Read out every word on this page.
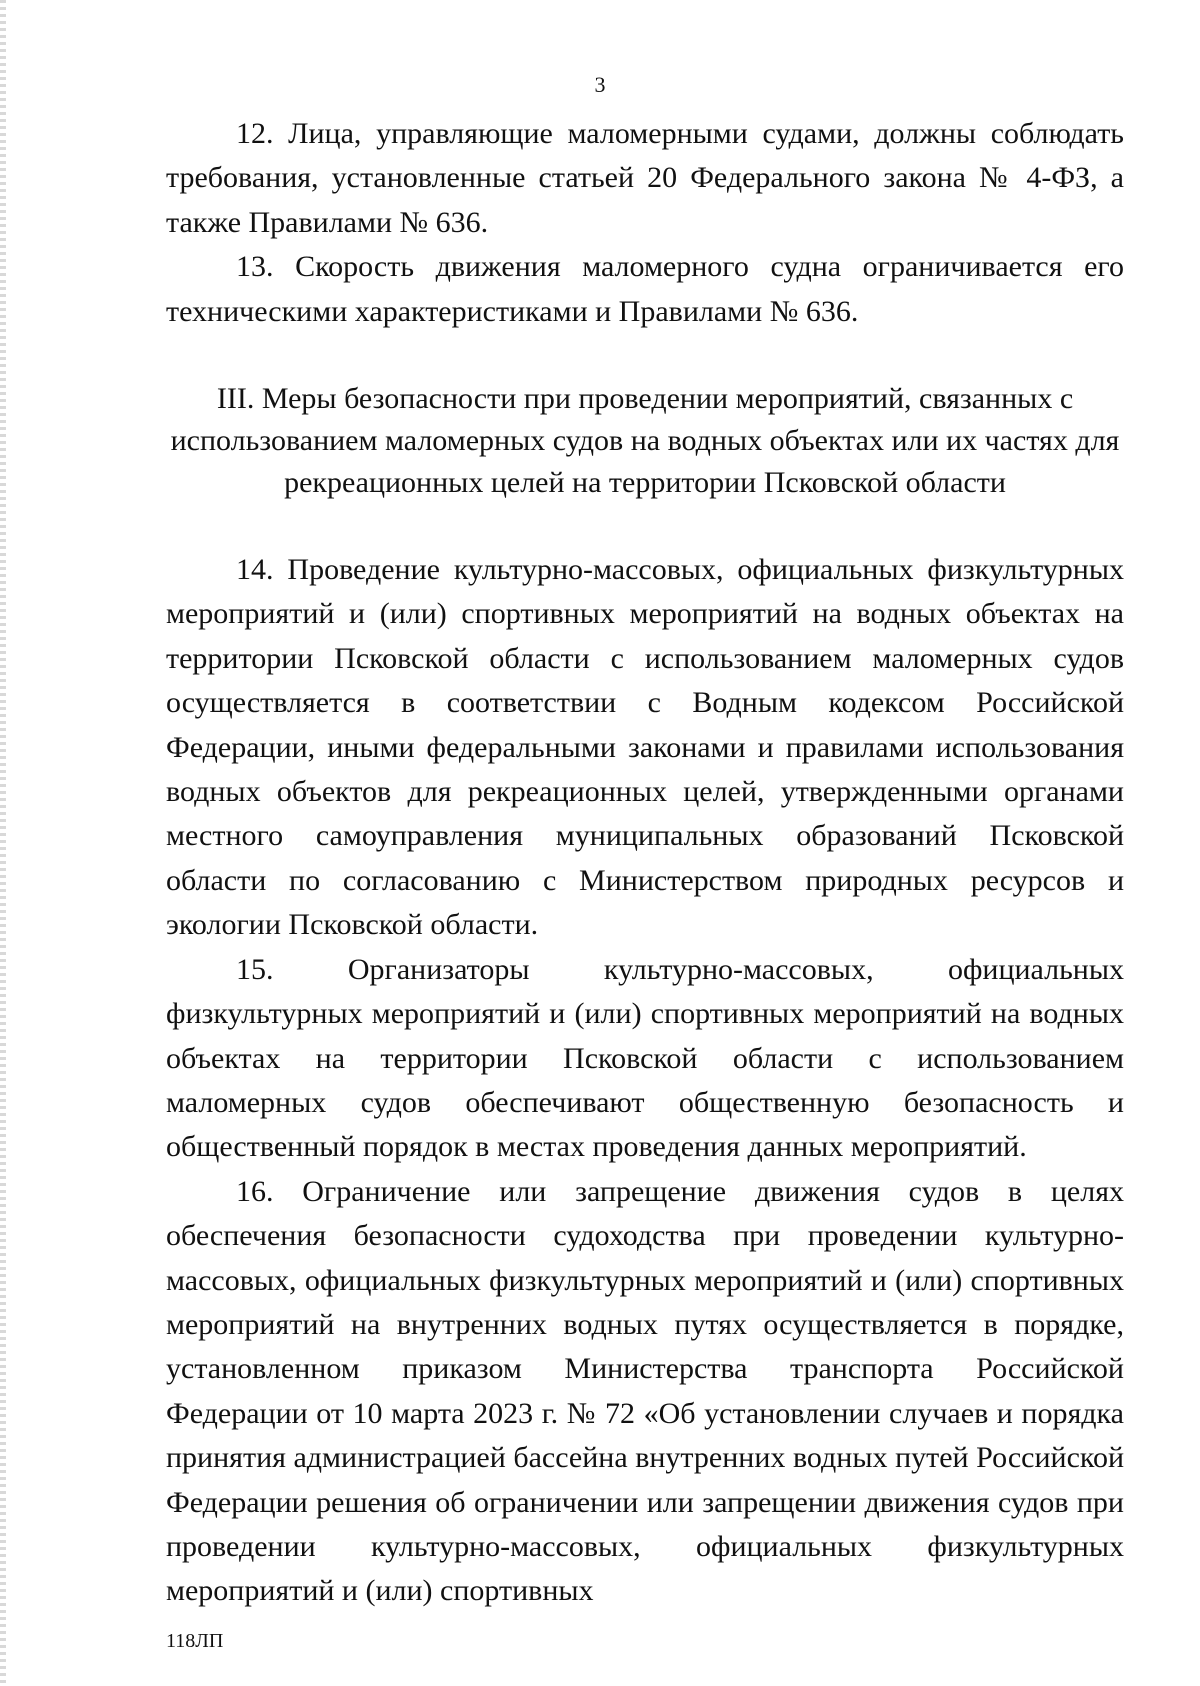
3

12. Лица, управляющие маломерными судами, должны соблюдать требования, установленные статьей 20 Федерального закона № 4-ФЗ, а также Правилами № 636.

13. Скорость движения маломерного судна ограничивается его техническими характеристиками и Правилами № 636.

III. Меры безопасности при проведении мероприятий, связанных с использованием маломерных судов на водных объектах или их частях для рекреационных целей на территории Псковской области

14. Проведение культурно-массовых, официальных физкультурных мероприятий и (или) спортивных мероприятий на водных объектах на территории Псковской области с использованием маломерных судов осуществляется в соответствии с Водным кодексом Российской Федерации, иными федеральными законами и правилами использования водных объектов для рекреационных целей, утвержденными органами местного самоуправления муниципальных образований Псковской области по согласованию с Министерством природных ресурсов и экологии Псковской области.

15. Организаторы культурно-массовых, официальных физкультурных мероприятий и (или) спортивных мероприятий на водных объектах на территории Псковской области с использованием маломерных судов обеспечивают общественную безопасность и общественный порядок в местах проведения данных мероприятий.

16. Ограничение или запрещение движения судов в целях обеспечения безопасности судоходства при проведении культурно-массовых, официальных физкультурных мероприятий и (или) спортивных мероприятий на внутренних водных путях осуществляется в порядке, установленном приказом Министерства транспорта Российской Федерации от 10 марта 2023 г. № 72 «Об установлении случаев и порядка принятия администрацией бассейна внутренних водных путей Российской Федерации решения об ограничении или запрещении движения судов при проведении культурно-массовых, официальных физкультурных мероприятий и (или) спортивных

118ЛП
